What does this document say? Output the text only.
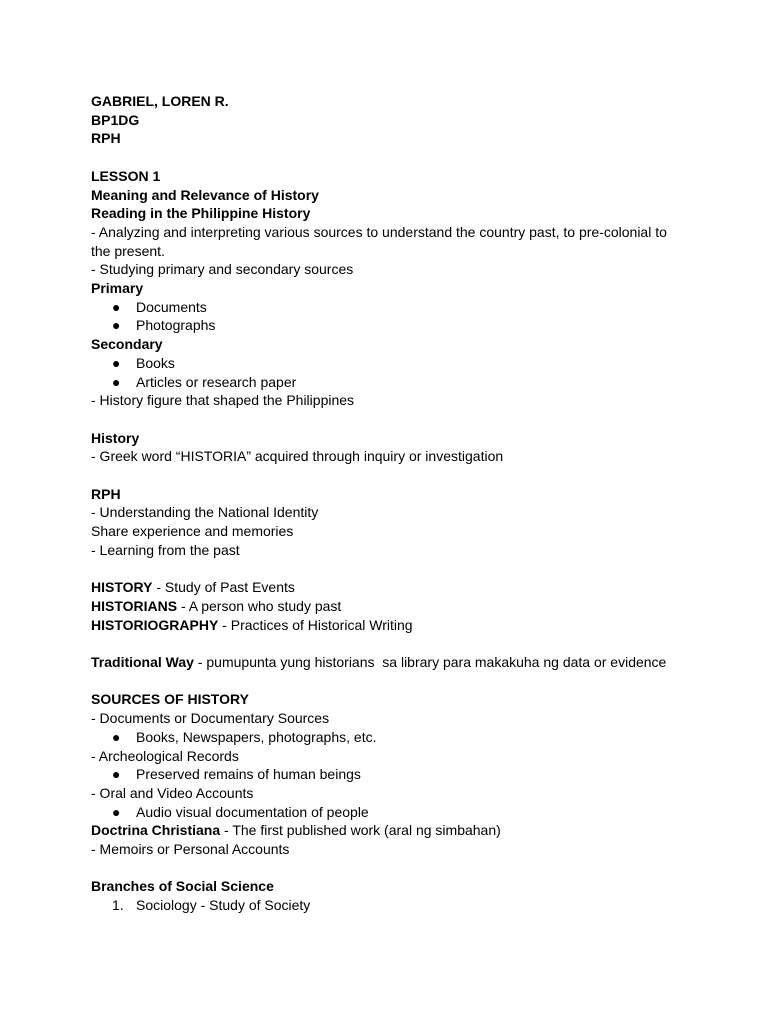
GABRIEL, LOREN R.
BP1DG
RPH
LESSON 1
Meaning and Relevance of History
Reading in the Philippine History
- Analyzing and interpreting various sources to understand the country past, to pre-colonial to the present.
- Studying primary and secondary sources
Primary
● Documents
● Photographs
Secondary
● Books
● Articles or research paper
- History figure that shaped the Philippines
History
- Greek word “HISTORIA” acquired through inquiry or investigation
RPH
- Understanding the National Identity
Share experience and memories
- Learning from the past
HISTORY - Study of Past Events
HISTORIANS - A person who study past
HISTORIOGRAPHY - Practices of Historical Writing
Traditional Way - pumupunta yung historians  sa library para makakuha ng data or evidence
SOURCES OF HISTORY
- Documents or Documentary Sources
● Books, Newspapers, photographs, etc.
- Archeological Records
● Preserved remains of human beings
- Oral and Video Accounts
● Audio visual documentation of people
Doctrina Christiana - The first published work (aral ng simbahan)
- Memoirs or Personal Accounts
Branches of Social Science
1. Sociology - Study of Society
